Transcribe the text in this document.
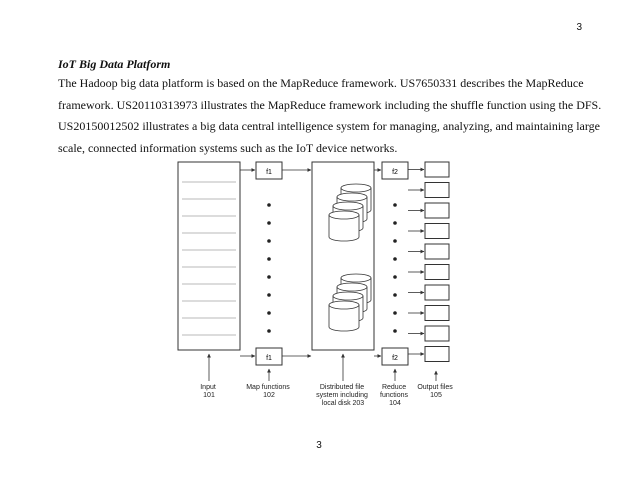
3
IoT Big Data Platform
The Hadoop big data platform is based on the MapReduce framework. US7650331 describes the MapReduce
framework. US20110313973 illustrates the MapReduce framework including the shuffle function using the DFS.
US20150012502 illustrates a big data central intelligence system for managing, analyzing, and maintaining large
scale, connected information systems such as the IoT device networks.
f1
f1
f2
f2
Input 101
Map functions 102
Distributed file system including local disk 203
Reduce functions 104
Output files 105
3
